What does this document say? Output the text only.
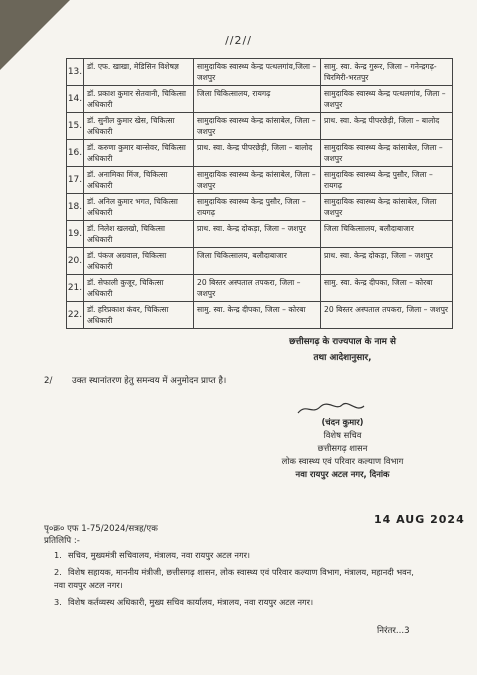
//2//
13.	डॉ. एफ. खाखा, मेडिसिन विशेषज्ञ	सामुदायिक स्वास्थ्य केन्द्र पत्थलगांव,जिला – जशपुर	सामु. स्वा. केन्द्र गुरूर, जिला – गनेन्द्रगढ़-चिरमिरी-भरतपुर
14.	डॉ. प्रकाश कुमार सेतवानी, चिकित्सा अधिकारी	जिला चिकित्सालय, रायगढ़	सामुदायिक स्वास्थ्य केन्द्र पत्थलगांव, जिला – जशपुर
15.	डॉ. सुनील कुमार खेस, चिकित्सा अधिकारी	सामुदायिक स्वास्थ्य केन्द्र कांसाबेल, जिला – जशपुर	प्राथ. स्वा. केन्द्र पीपरछेड़ी, जिला – बालोद
16.	डॉ. करुणा कुमार बान्सेवर, चिकित्सा अधिकारी	प्राथ. स्वा. केन्द्र पीपरछेड़ी, जिला – बालोद	सामुदायिक स्वास्थ्य केन्द्र कांसाबेल, जिला – जशपुर
17.	डॉ. अनामिका मिंज, चिकित्सा अधिकारी	सामुदायिक स्वास्थ्य केन्द्र कांसाबेल, जिला – जशपुर	सामुदायिक स्वास्थ्य केन्द्र पुसौर, जिला – रायगढ़
18.	डॉ. अनिल कुमार भगत, चिकित्सा अधिकारी	सामुदायिक स्वास्थ्य केन्द्र पुसौर, जिला – रायगढ़	सामुदायिक स्वास्थ्य केन्द्र कांसाबेल, जिला जशपुर
19.	डॉ. निलेश खलखो, चिकित्सा अधिकारी	प्राथ. स्वा. केन्द्र दोकड़ा, जिला – जशपुर	जिला चिकित्सालय, बलौदाबाजार
20.	डॉ. पंकज अग्रवाल, चिकित्सा अधिकारी	जिला चिकित्सालय, बलौदाबाजार	प्राथ. स्वा. केन्द्र दोकड़ा, जिला – जशपुर
21.	डॉ. सेफाली कुजूर, चिकित्सा अधिकारी	20 बिस्तर अस्पताल तपकरा, जिला – जशपुर	सामु. स्वा. केन्द्र दीपका, जिला – कोरबा
22.	डॉ. हरिप्रकाश कंवर, चिकित्सा अधिकारी	सामु. स्वा. केन्द्र दीपका, जिला – कोरबा	20 बिस्तर अस्पताल तपकरा, जिला – जशपुर
2/ उक्त स्थानांतरण हेतु समन्वय में अनुमोदन प्राप्त है।
छत्तीसगढ़ के राज्यपाल के नाम से
तथा आदेशानुसार,
(चंदन कुमार)
विशेष सचिव
छत्तीसगढ़ शासन
लोक स्वास्थ्य एवं परिवार कल्याण विभाग
नवा रायपुर अटल नगर, दिनांक
पृ०क्र० एफ 1-75/2024/सत्रह/एक
14 AUG 2024
प्रतिलिपि :-
1. सचिव, मुख्यमंत्री सचिवालय, मंत्रालय, नवा रायपुर अटल नगर।
2. विशेष सहायक, माननीय मंत्रीजी, छत्तीसगढ़ शासन, लोक स्वास्थ्य एवं परिवार कल्याण विभाग, मंत्रालय, महानदी भवन, नवा रायपुर अटल नगर।
3. विशेष कर्तव्यस्थ अधिकारी, मुख्य सचिव कार्यालय, मंत्रालय, नवा रायपुर अटल नगर।
निरंतर...3
